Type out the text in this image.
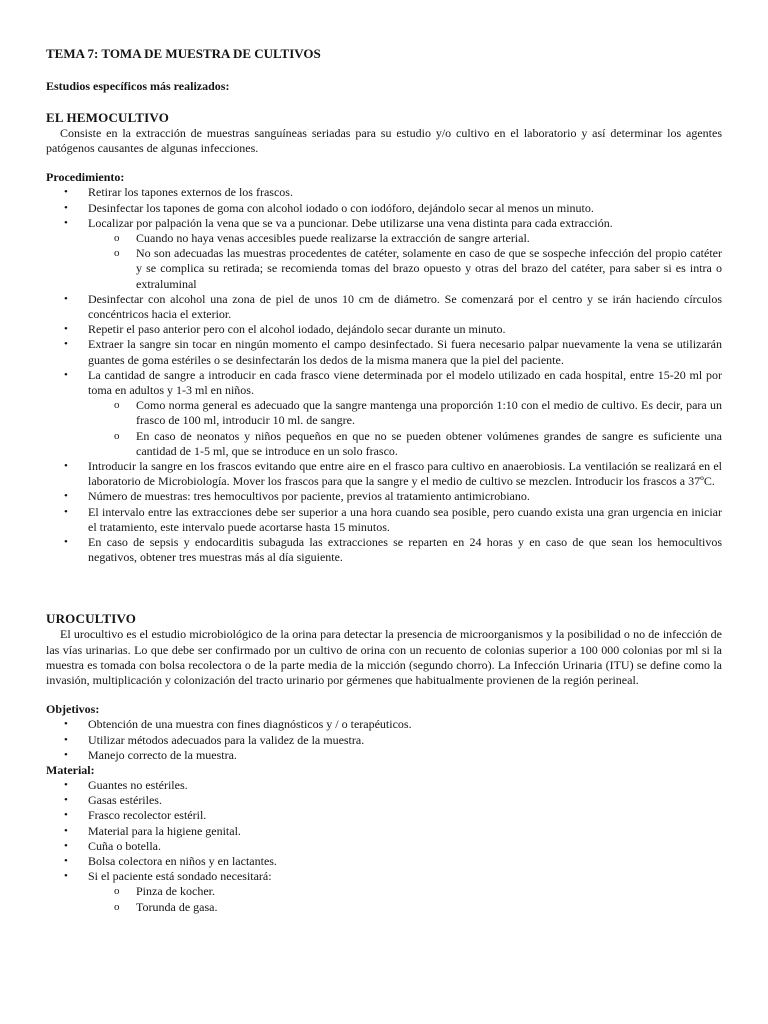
TEMA 7: TOMA DE MUESTRA DE CULTIVOS

Estudios específicos más realizados:

EL HEMOCULTIVO

Consiste en la extracción de muestras sanguíneas seriadas para su estudio y/o cultivo en el laboratorio y así determinar los agentes patógenos causantes de algunas infecciones.

Procedimiento:

• Retirar los tapones externos de los frascos.
• Desinfectar los tapones de goma con alcohol iodado o con iodóforo, dejándolo secar al menos un minuto.
• Localizar por palpación la vena que se va a puncionar. Debe utilizarse una vena distinta para cada extracción.
o Cuando no haya venas accesibles puede realizarse la extracción de sangre arterial.
o No son adecuadas las muestras procedentes de catéter, solamente en caso de que se sospeche infección del propio catéter y se complica su retirada; se recomienda tomas del brazo opuesto y otras del brazo del catéter, para saber si es intra o extraluminal
• Desinfectar con alcohol una zona de piel de unos 10 cm de diámetro. Se comenzará por el centro y se irán haciendo círculos concéntricos hacia el exterior.
• Repetir el paso anterior pero con el alcohol iodado, dejándolo secar durante un minuto.
• Extraer la sangre sin tocar en ningún momento el campo desinfectado. Si fuera necesario palpar nuevamente la vena se utilizarán guantes de goma estériles o se desinfectarán los dedos de la misma manera que la piel del paciente.
• La cantidad de sangre a introducir en cada frasco viene determinada por el modelo utilizado en cada hospital, entre 15-20 ml por toma en adultos y 1-3 ml en niños.
o Como norma general es adecuado que la sangre mantenga una proporción 1:10 con el medio de cultivo. Es decir, para un frasco de 100 ml, introducir 10 ml. de sangre.
o En caso de neonatos y niños pequeños en que no se pueden obtener volúmenes grandes de sangre es suficiente una cantidad de 1-5 ml, que se introduce en un solo frasco.
• Introducir la sangre en los frascos evitando que entre aire en el frasco para cultivo en anaerobiosis. La ventilación se realizará en el laboratorio de Microbiología. Mover los frascos para que la sangre y el medio de cultivo se mezclen. Introducir los frascos a 37ºC.
• Número de muestras: tres hemocultivos por paciente, previos al tratamiento antimicrobiano.
• El intervalo entre las extracciones debe ser superior a una hora cuando sea posible, pero cuando exista una gran urgencia en iniciar el tratamiento, este intervalo puede acortarse hasta 15 minutos.
• En caso de sepsis y endocarditis subaguda las extracciones se reparten en 24 horas y en caso de que sean los hemocultivos negativos, obtener tres muestras más al día siguiente.

UROCULTIVO

El urocultivo es el estudio microbiológico de la orina para detectar la presencia de microorganismos y la posibilidad o no de infección de las vías urinarias. Lo que debe ser confirmado por un cultivo de orina con un recuento de colonias superior a 100 000 colonias por ml si la muestra es tomada con bolsa recolectora o de la parte media de la micción (segundo chorro). La Infección Urinaria (ITU) se define como la invasión, multiplicación y colonización del tracto urinario por gérmenes que habitualmente provienen de la región perineal.

Objetivos:

• Obtención de una muestra con fines diagnósticos y / o terapéuticos.
• Utilizar métodos adecuados para la validez de la muestra.
• Manejo correcto de la muestra.

Material:

• Guantes no estériles.
• Gasas estériles.
• Frasco recolector estéril.
• Material para la higiene genital.
• Cuña o botella.
• Bolsa colectora en niños y en lactantes.
• Si el paciente está sondado necesitará:
o Pinza de kocher.
o Torunda de gasa.
